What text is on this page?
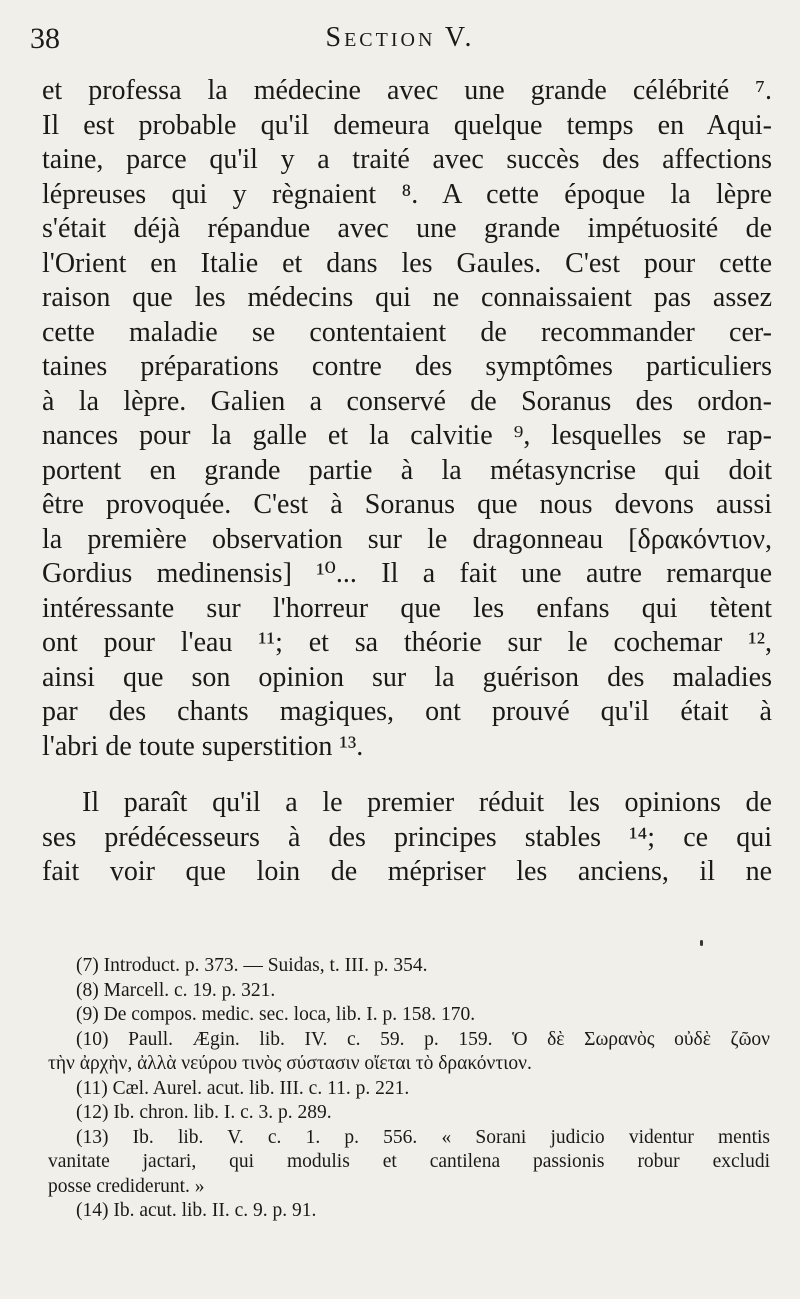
38	Section V.
et professa la médecine avec une grande célébrité ⁷.
Il est probable qu'il demeura quelque temps en Aqui-
taine, parce qu'il y a traité avec succès des affections
lépreuses qui y règnaient ⁸. A cette époque la lèpre
s'était déjà répandue avec une grande impétuosité de
l'Orient en Italie et dans les Gaules. C'est pour cette
raison que les médecins qui ne connaissaient pas assez
cette maladie se contentaient de recommander cer-
taines préparations contre des symptômes particuliers
à la lèpre. Galien a conservé de Soranus des ordon-
nances pour la galle et la calvitie ⁹, lesquelles se rap-
portent en grande partie à la métasyncrise qui doit
être provoquée. C'est à Soranus que nous devons aussi
la première observation sur le dragonneau [δρακόντιον,
Gordius medinensis] ¹⁰... Il a fait une autre remarque
intéressante sur l'horreur que les enfans qui tètent
ont pour l'eau ¹¹; et sa théorie sur le cochemar ¹²,
ainsi que son opinion sur la guérison des maladies
par des chants magiques, ont prouvé qu'il était à
l'abri de toute superstition ¹³.
Il paraît qu'il a le premier réduit les opinions de
ses prédécesseurs à des principes stables ¹⁴; ce qui
fait voir que loin de mépriser les anciens, il ne
(7) Introduct. p. 373. — Suidas, t. III. p. 354.
(8) Marcell. c. 19. p. 321.
(9) De compos. medic. sec. loca, lib. I. p. 158. 170.
(10) Paull. Ægin. lib. IV. c. 59. p. 159. Ὁ δὲ Σωρανὸς οὐδὲ ζῶον
τὴν ἀρχὴν, ἀλλὰ νεύρου τινὸς σύστασιν οἴεται τὸ δρακόντιον.
(11) Cæl. Aurel. acut. lib. III. c. 11. p. 221.
(12) Ib. chron. lib. I. c. 3. p. 289.
(13) Ib. lib. V. c. 1. p. 556. « Sorani judicio videntur mentis
vanitate jactari, qui modulis et cantilena passionis robur excludi
posse crediderunt. »
(14) Ib. acut. lib. II. c. 9. p. 91.
